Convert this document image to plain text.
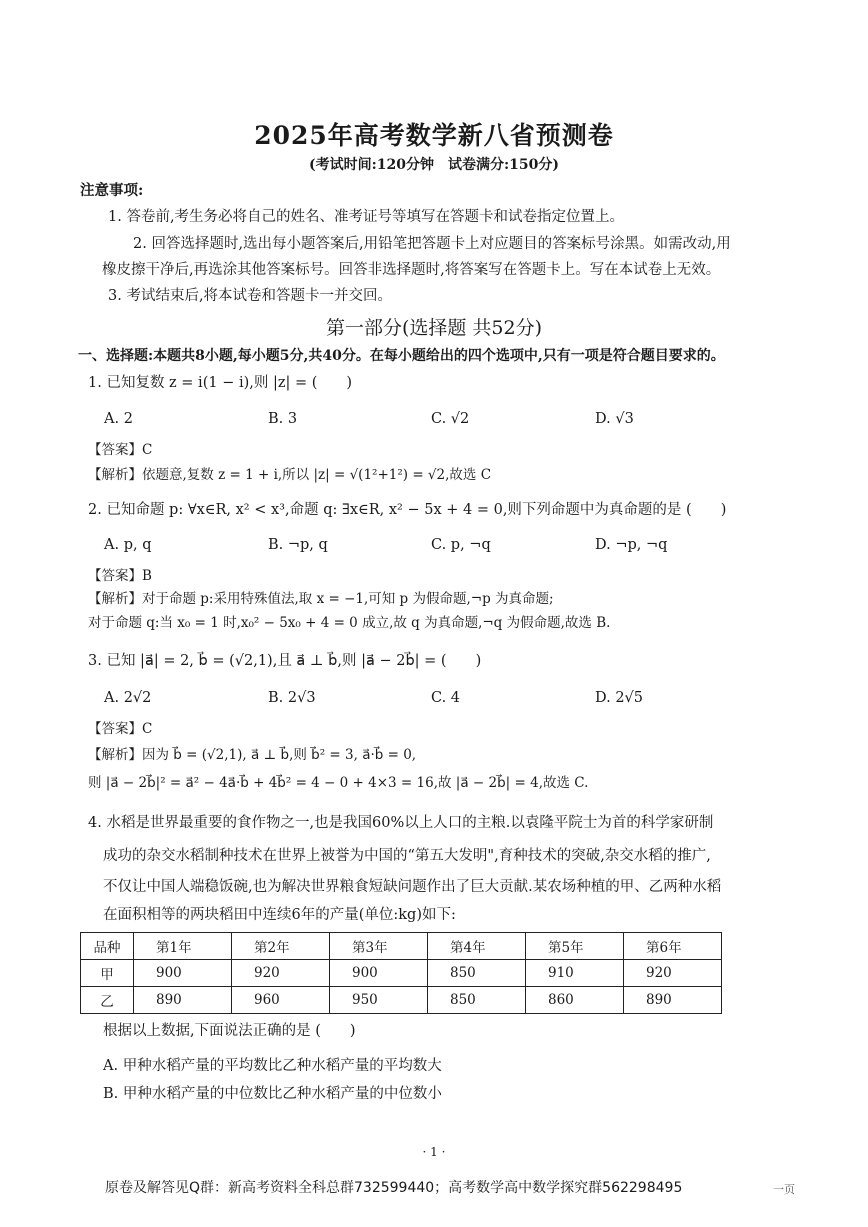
2025年高考数学新八省预测卷
(考试时间:120分钟　试卷满分:150分)
注意事项:
1. 答卷前,考生务必将自己的姓名、准考证号等填写在答题卡和试卷指定位置上。
2. 回答选择题时,选出每小题答案后,用铅笔把答题卡上对应题目的答案标号涂黑。如需改动,用
橡皮擦干净后,再选涂其他答案标号。回答非选择题时,将答案写在答题卡上。写在本试卷上无效。
3. 考试结束后,将本试卷和答题卡一并交回。
第一部分(选择题 共52分)
一、选择题:本题共8小题,每小题5分,共40分。在每小题给出的四个选项中,只有一项是符合题目要求的。
1. 已知复数 z = i(1 − i),则 |z| = (　　)
A. 2	B. 3	C. √2	D. √3
【答案】C
【解析】依题意,复数 z = 1 + i,所以 |z| = √(1²+1²) = √2,故选 C
2. 已知命题 p: ∀x∈R, x² < x³,命题 q: ∃x∈R, x² − 5x + 4 = 0,则下列命题中为真命题的是 (　　)
A. p, q	B. ¬p, q	C. p, ¬q	D. ¬p, ¬q
【答案】B
【解析】对于命题 p:采用特殊值法,取 x = −1,可知 p 为假命题,¬p 为真命题;
对于命题 q:当 x₀ = 1 时,x₀² − 5x₀ + 4 = 0 成立,故 q 为真命题,¬q 为假命题,故选 B.
3. 已知 |a⃗| = 2, b⃗ = (√2,1),且 a⃗ ⊥ b⃗,则 |a⃗ − 2b⃗| = (　　)
A. 2√2	B. 2√3	C. 4	D. 2√5
【答案】C
【解析】因为 b⃗ = (√2,1), a⃗ ⊥ b⃗,则 b⃗² = 3, a⃗·b⃗ = 0,
则 |a⃗ − 2b⃗|² = a⃗² − 4a⃗·b⃗ + 4b⃗² = 4 − 0 + 4×3 = 16,故 |a⃗ − 2b⃗| = 4,故选 C.
4. 水稻是世界最重要的食作物之一,也是我国60%以上人口的主粮.以袁隆平院士为首的科学家研制
成功的杂交水稻制种技术在世界上被誉为中国的“第五大发明",育种技术的突破,杂交水稻的推广,
不仅让中国人端稳饭碗,也为解决世界粮食短缺问题作出了巨大贡献.某农场种植的甲、乙两种水稻
在面积相等的两块稻田中连续6年的产量(单位:kg)如下:
品种	第1年	第2年	第3年	第4年	第5年	第6年
甲	900	920	900	850	910	920
乙	890	960	950	850	860	890
根据以上数据,下面说法正确的是 (　　)
A. 甲种水稻产量的平均数比乙种水稻产量的平均数大
B. 甲种水稻产量的中位数比乙种水稻产量的中位数小
· 1 ·
原卷及解答见Q群：新高考资料全科总群732599440；高考数学高中数学探究群562298495	一页
